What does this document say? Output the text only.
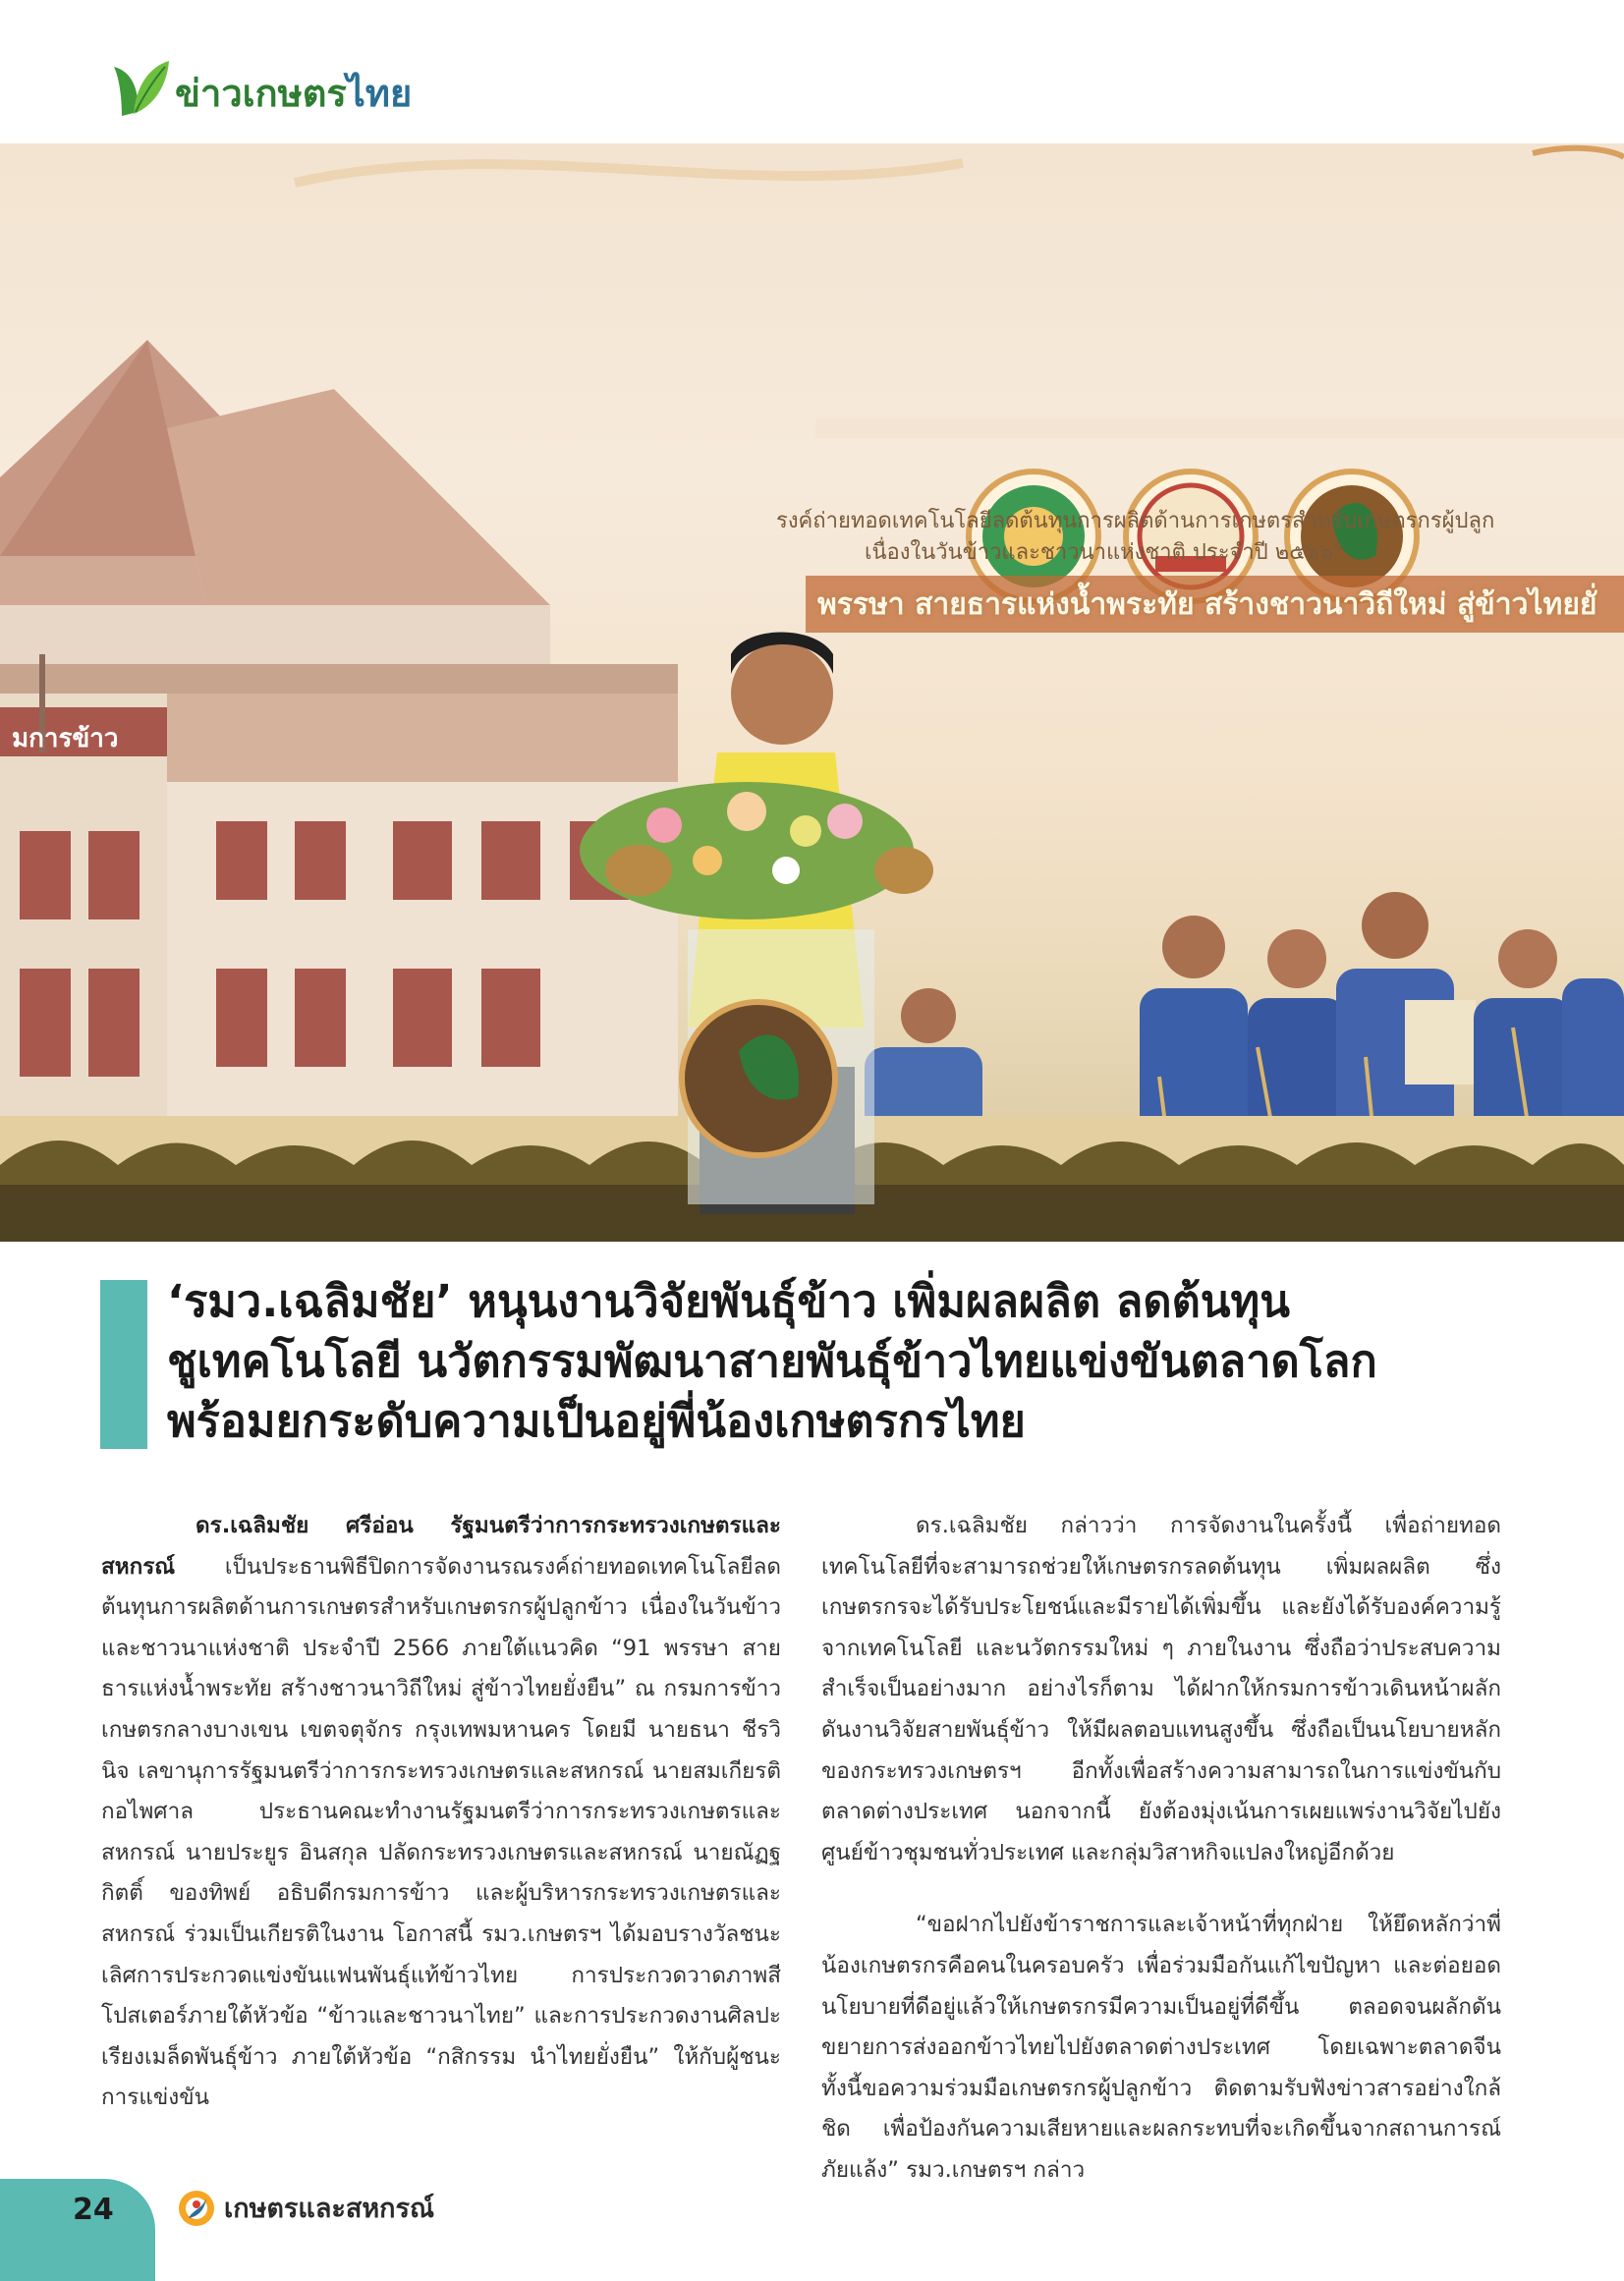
ข่าวเกษตรไทย
รงค์ถ่ายทอดเทคโนโลยีลดต้นทุนการผลิตด้านการเกษตรสำหรับเกษตรกรผู้ปลูก
เนื่องในวันข้าวและชาวนาแห่งชาติ ประจำปี ๒๕๖๖"
พรรษา สายธารแห่งน้ำพระทัย สร้างชาวนาวิถีใหม่ สู่ข้าวไทยยั่
มการข้าว
‘รมว.เฉลิมชัย’ หนุนงานวิจัยพันธุ์ข้าว เพิ่มผลผลิต ลดต้นทุน
ชูเทคโนโลยี นวัตกรรมพัฒนาสายพันธุ์ข้าวไทยแข่งขันตลาดโลก
พร้อมยกระดับความเป็นอยู่พี่น้องเกษตรกรไทย

ดร.เฉลิมชัย ศรีอ่อน รัฐมนตรีว่าการกระทรวงเกษตรและสหกรณ์ เป็นประธานพิธีปิดการจัดงานรณรงค์ถ่ายทอดเทคโนโลยีลดต้นทุนการผลิตด้านการเกษตรสำหรับเกษตรกรผู้ปลูกข้าว เนื่องในวันข้าวและชาวนาแห่งชาติ ประจำปี 2566 ภายใต้แนวคิด “91 พรรษา สายธารแห่งน้ำพระทัย สร้างชาวนาวิถีใหม่ สู่ข้าวไทยยั่งยืน” ณ กรมการข้าว เกษตรกลางบางเขน เขตจตุจักร กรุงเทพมหานคร โดยมี นายธนา ชีรวินิจ เลขานุการรัฐมนตรีว่าการกระทรวงเกษตรและสหกรณ์ นายสมเกียรติ กอไพศาล ประธานคณะทำงานรัฐมนตรีว่าการกระทรวงเกษตรและสหกรณ์ นายประยูร อินสกุล ปลัดกระทรวงเกษตรและสหกรณ์ นายณัฏฐกิตติ์ ของทิพย์ อธิบดีกรมการข้าว และผู้บริหารกระทรวงเกษตรและสหกรณ์ ร่วมเป็นเกียรติในงาน โอกาสนี้ รมว.เกษตรฯ ได้มอบรางวัลชนะเลิศการประกวดแข่งขันแฟนพันธุ์แท้ข้าวไทย การประกวดวาดภาพสีโปสเตอร์ภายใต้หัวข้อ “ข้าวและชาวนาไทย” และการประกวดงานศิลปะ เรียงเมล็ดพันธุ์ข้าว ภายใต้หัวข้อ “กสิกรรม นำไทยยั่งยืน” ให้กับผู้ชนะการแข่งขัน

ดร.เฉลิมชัย กล่าวว่า การจัดงานในครั้งนี้ เพื่อถ่ายทอดเทคโนโลยีที่จะสามารถช่วยให้เกษตรกรลดต้นทุน เพิ่มผลผลิต ซึ่งเกษตรกรจะได้รับประโยชน์และมีรายได้เพิ่มขึ้น และยังได้รับองค์ความรู้จากเทคโนโลยี และนวัตกรรมใหม่ ๆ ภายในงาน ซึ่งถือว่าประสบความสำเร็จเป็นอย่างมาก อย่างไรก็ตาม ได้ฝากให้กรมการข้าวเดินหน้าผลักดันงานวิจัยสายพันธุ์ข้าว ให้มีผลตอบแทนสูงขึ้น ซึ่งถือเป็นนโยบายหลักของกระทรวงเกษตรฯ อีกทั้งเพื่อสร้างความสามารถในการแข่งขันกับตลาดต่างประเทศ นอกจากนี้ ยังต้องมุ่งเน้นการเผยแพร่งานวิจัยไปยังศูนย์ข้าวชุมชนทั่วประเทศ และกลุ่มวิสาหกิจแปลงใหญ่อีกด้วย

“ขอฝากไปยังข้าราชการและเจ้าหน้าที่ทุกฝ่าย ให้ยึดหลักว่าพี่น้องเกษตรกรคือคนในครอบครัว เพื่อร่วมมือกันแก้ไขปัญหา และต่อยอดนโยบายที่ดีอยู่แล้วให้เกษตรกรมีความเป็นอยู่ที่ดีขึ้น ตลอดจนผลักดันขยายการส่งออกข้าวไทยไปยังตลาดต่างประเทศ โดยเฉพาะตลาดจีน ทั้งนี้ขอความร่วมมือเกษตรกรผู้ปลูกข้าว ติดตามรับฟังข่าวสารอย่างใกล้ชิด เพื่อป้องกันความเสียหายและผลกระทบที่จะเกิดขึ้นจากสถานการณ์ภัยแล้ง” รมว.เกษตรฯ กล่าว

24	เกษตรและสหกรณ์
